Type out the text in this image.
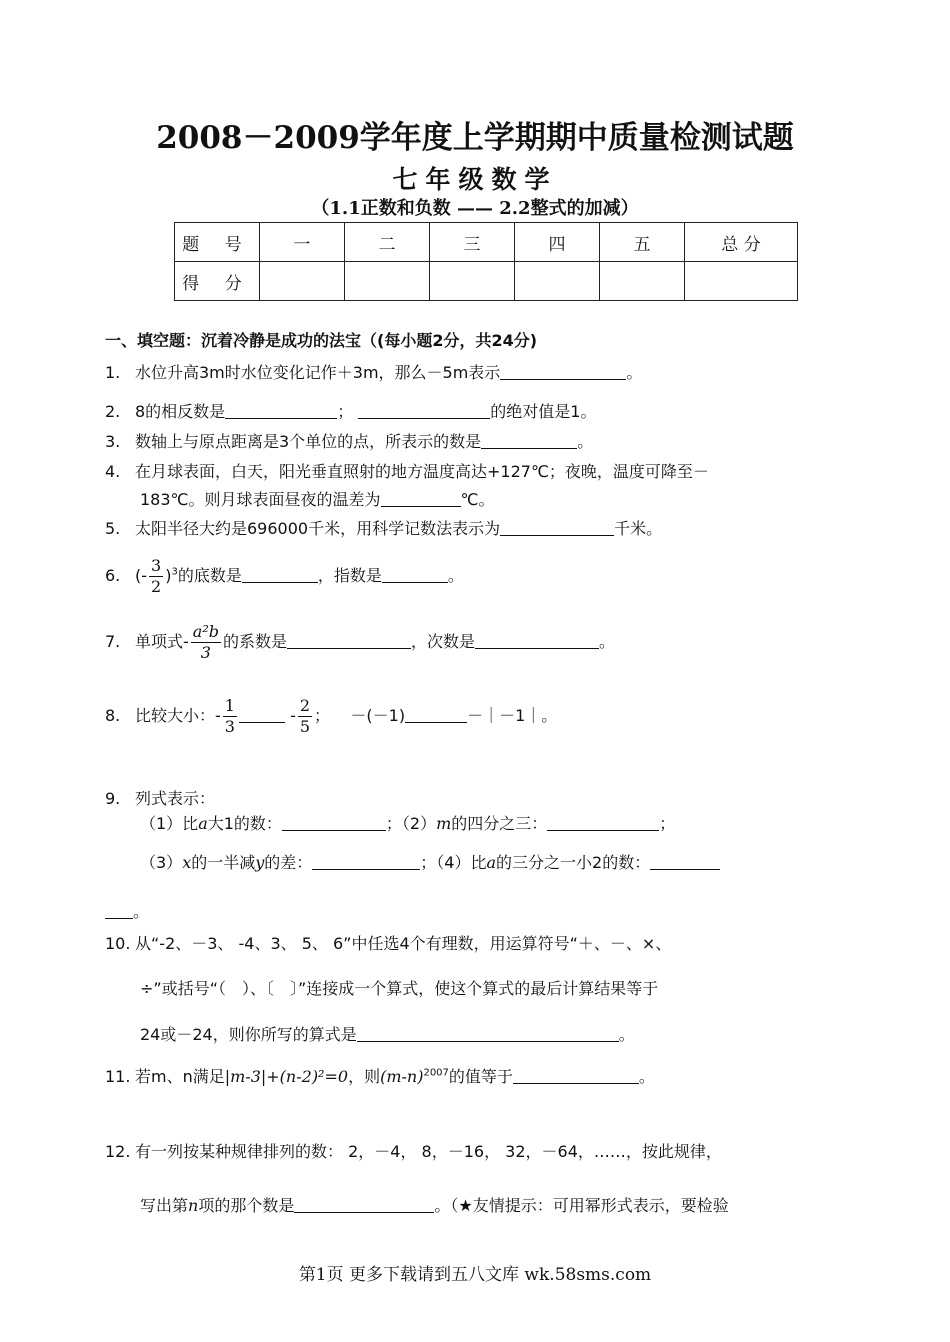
2008－2009学年度上学期期中质量检测试题
七年级数学
（1.1正数和负数 —— 2.2整式的加减）
题 号	一	二	三	四	五	总 分
得 分						
一、填空题：沉着冷静是成功的法宝（(每小题2分，共24分)
1. 水位升高3m时水位变化记作＋3m，那么－5m表示	。
2. 8的相反数是	；	的绝对值是1。
3. 数轴上与原点距离是3个单位的点，所表示的数是	。
4. 在月球表面，白天，阳光垂直照射的地方温度高达+127℃；夜晚，温度可降至－
183℃。则月球表面昼夜的温差为	℃。
5. 太阳半径大约是696000千米，用科学记数法表示为	千米。
6. (- $\frac{3}{2} )^3$的底数是	，指数是	。
7. 单项式- $\frac{\text{a²b}}{3}$ 的系数是	，次数是	。
8. 比较大小：- $\frac{1}{3}$	- $\frac{2}{5}$ ； －(－1)	－｜－1｜。
9. 列式表示：
（1）比a大1的数：	；（2）m的四分之三：	；
（3）x的一半减y的差：	；（4）比a的三分之一小2的数：
。
10. 从“-2、－3、 -4、3、 5、 6”中任选4个有理数，用运算符号“＋、－、×、
÷”或括号“（　）、〔　〕”连接成一个算式，使这个算式的最后计算结果等于
24或－24，则你所写的算式是	。
11. 若m、n满足|m-3|+(n-2)²=0，则$(m-n)^{2007}$的值等于	。
12. 有一列按某种规律排列的数： 2，－4， 8，－16， 32，－64，……，按此规律，
写出第n项的那个数是	。（★友情提示：可用幂形式表示，要检验
第1页 更多下载请到五八文库 wk.58sms.com
